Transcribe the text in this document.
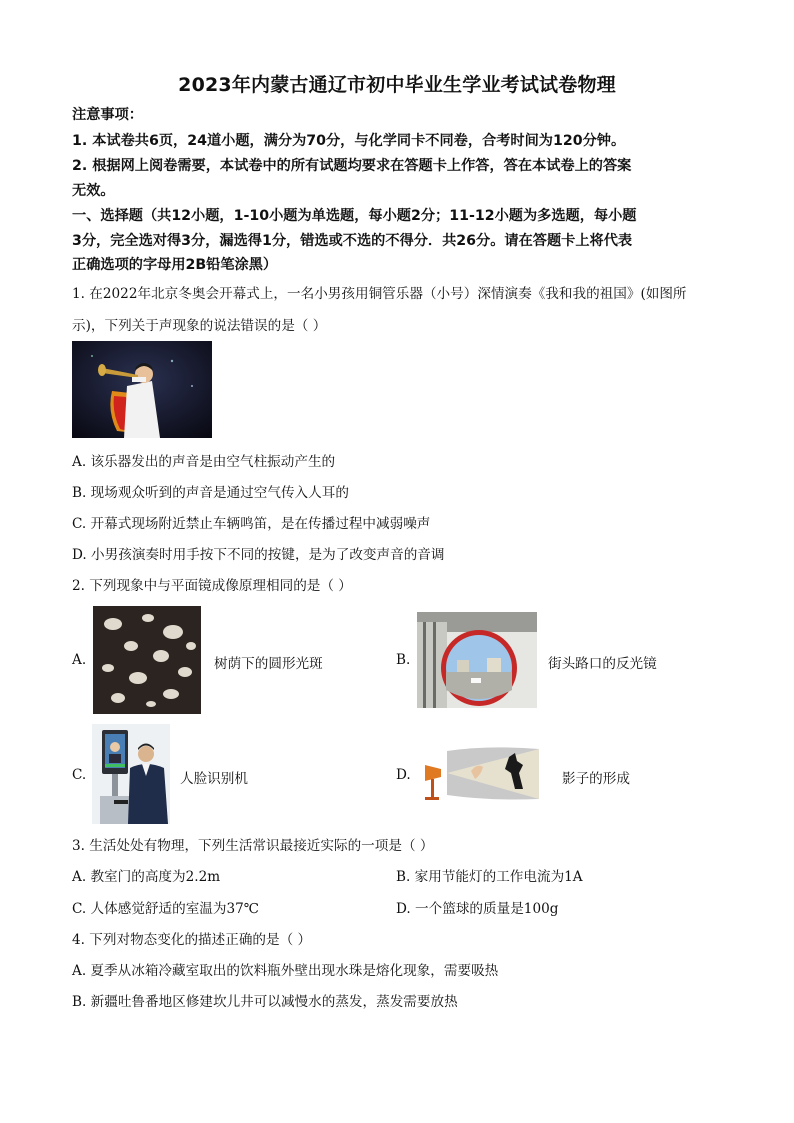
2023年内蒙古通辽市初中毕业生学业考试试卷物理
注意事项：
1. 本试卷共6页，24道小题，满分为70分，与化学同卡不同卷，合考时间为120分钟。
2. 根据网上阅卷需要，本试卷中的所有试题均要求在答题卡上作答，答在本试卷上的答案
无效。
一、选择题（共12小题，1-10小题为单选题，每小题2分；11-12小题为多选题，每小题
3分，完全选对得3分，漏选得1分，错选或不选的不得分．共26分。请在答题卡上将代表
正确选项的字母用2B铅笔涂黑）
1. 在2022年北京冬奥会开幕式上，一名小男孩用铜管乐器（小号）深情演奏《我和我的祖国》(如图所
示)，下列关于声现象的说法错误的是（ ）
A. 该乐器发出的声音是由空气柱振动产生的
B. 现场观众听到的声音是通过空气传入人耳的
C. 开幕式现场附近禁止车辆鸣笛，是在传播过程中减弱噪声
D. 小男孩演奏时用手按下不同的按键，是为了改变声音的音调
2. 下列现象中与平面镜成像原理相同的是（ ）
A.	树荫下的圆形光斑	B.	街头路口的反光镜
C.	人脸识别机	D.	影子的形成
3. 生活处处有物理，下列生活常识最接近实际的一项是（ ）
A. 教室门的高度为2.2m	B. 家用节能灯的工作电流为1A
C. 人体感觉舒适的室温为37℃	D. 一个篮球的质量是100g
4. 下列对物态变化的描述正确的是（ ）
A. 夏季从冰箱冷藏室取出的饮料瓶外壁出现水珠是熔化现象，需要吸热
B. 新疆吐鲁番地区修建坎儿井可以减慢水的蒸发，蒸发需要放热
